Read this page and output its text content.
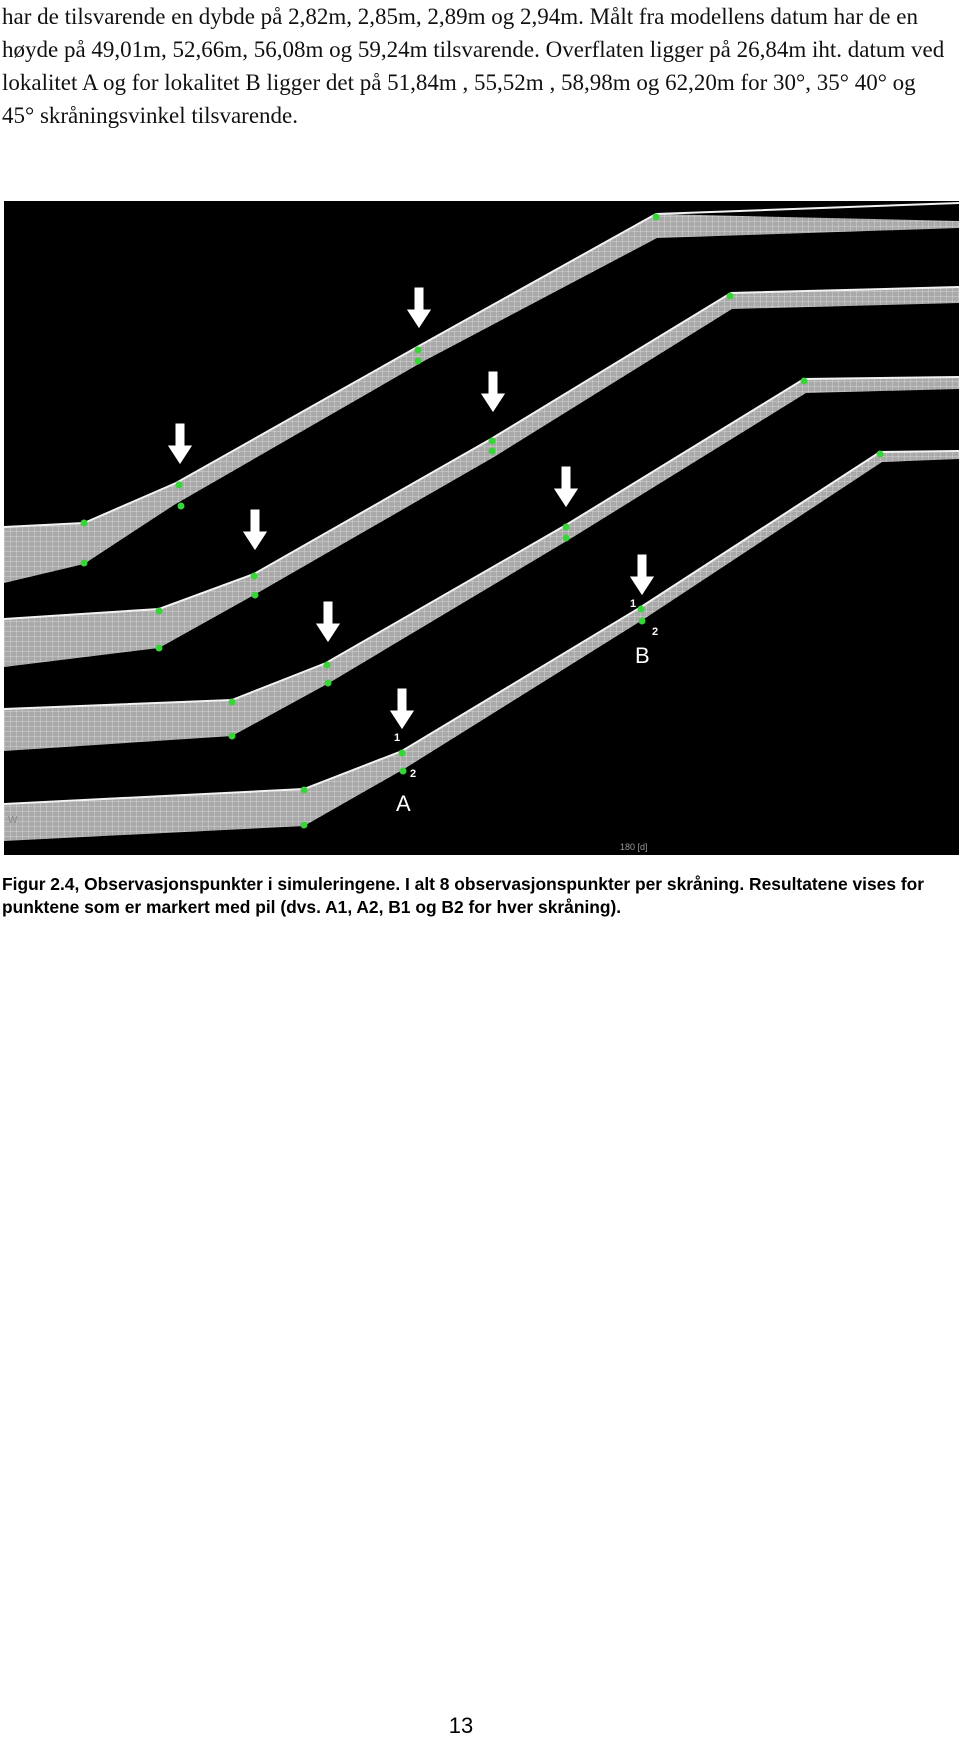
har de tilsvarende en dybde på 2,82m, 2,85m, 2,89m og 2,94m. Målt fra modellens datum har de en høyde på 49,01m, 52,66m, 56,08m og 59,24m tilsvarende. Overflaten ligger på 26,84m iht. datum ved lokalitet A og for lokalitet B ligger det på 51,84m , 55,52m , 58,98m og 62,20m for 30°, 35° 40° og 45° skråningsvinkel tilsvarende.

1
2
A
1
2
B
180 [d]
W
Figur 2.4, Observasjonspunkter i simuleringene. I alt 8 observasjonspunkter per skråning. Resultatene vises for punktene som er markert med pil (dvs. A1, A2, B1 og B2 for hver skråning).
13
